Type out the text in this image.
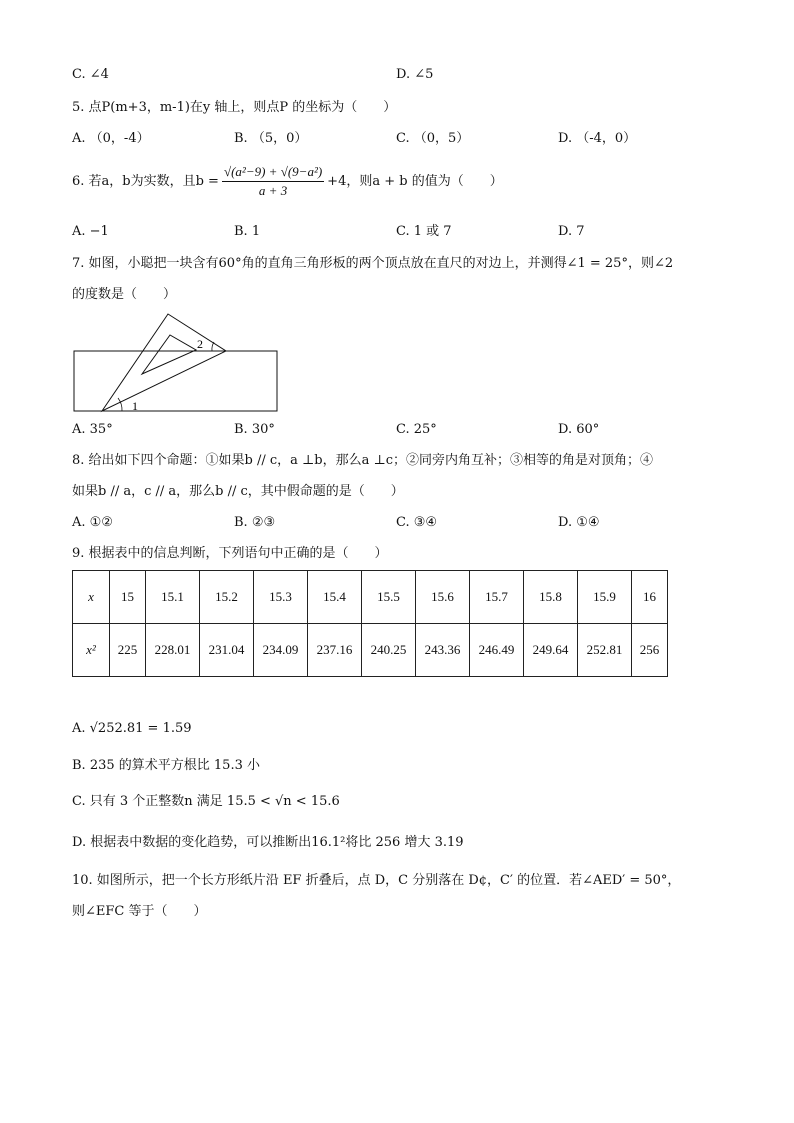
C. ∠4	D. ∠5
5. 点P(m+3，m-1)在y 轴上，则点P 的坐标为（　　）
A. （0，-4）	B. （5，0）	C. （0，5）	D. （-4，0）
6. 若a，b为实数，且$b = \frac{\text{√(a²−9) + √(9−a²)}}{a + 3} +4$，则a + b 的值为（　　）
A. −1	B. 1	C. 1 或 7	D. 7
7. 如图，小聪把一块含有60°角的直角三角形板的两个顶点放在直尺的对边上，并测得∠1 = 25°，则∠2
的度数是（　　）
1
2
A. 35°	B. 30°	C. 25°	D. 60°
8. 给出如下四个命题：①如果b // c，a ⊥b，那么a ⊥c；②同旁内角互补；③相等的角是对顶角；④
如果b // a，c // a，那么b // c，其中假命题的是（　　）
A. ①②	B. ②③	C. ③④	D. ①④
9. 根据表中的信息判断，下列语句中正确的是（　　）
x	15	15.1	15.2	15.3	15.4	15.5	15.6	15.7	15.8	15.9	16
x²	225	228.01	231.04	234.09	237.16	240.25	243.36	246.49	249.64	252.81	256
A. √252.81 = 1.59
B. 235 的算术平方根比 15.3 小
C. 只有 3 个正整数n 满足 15.5 < √n < 15.6
D. 根据表中数据的变化趋势，可以推断出16.1²将比 256 增大 3.19
10. 如图所示，把一个长方形纸片沿 EF 折叠后，点 D，C 分别落在 D¢，C′ 的位置．若∠AED′ = 50°，
则∠EFC 等于（　　）
